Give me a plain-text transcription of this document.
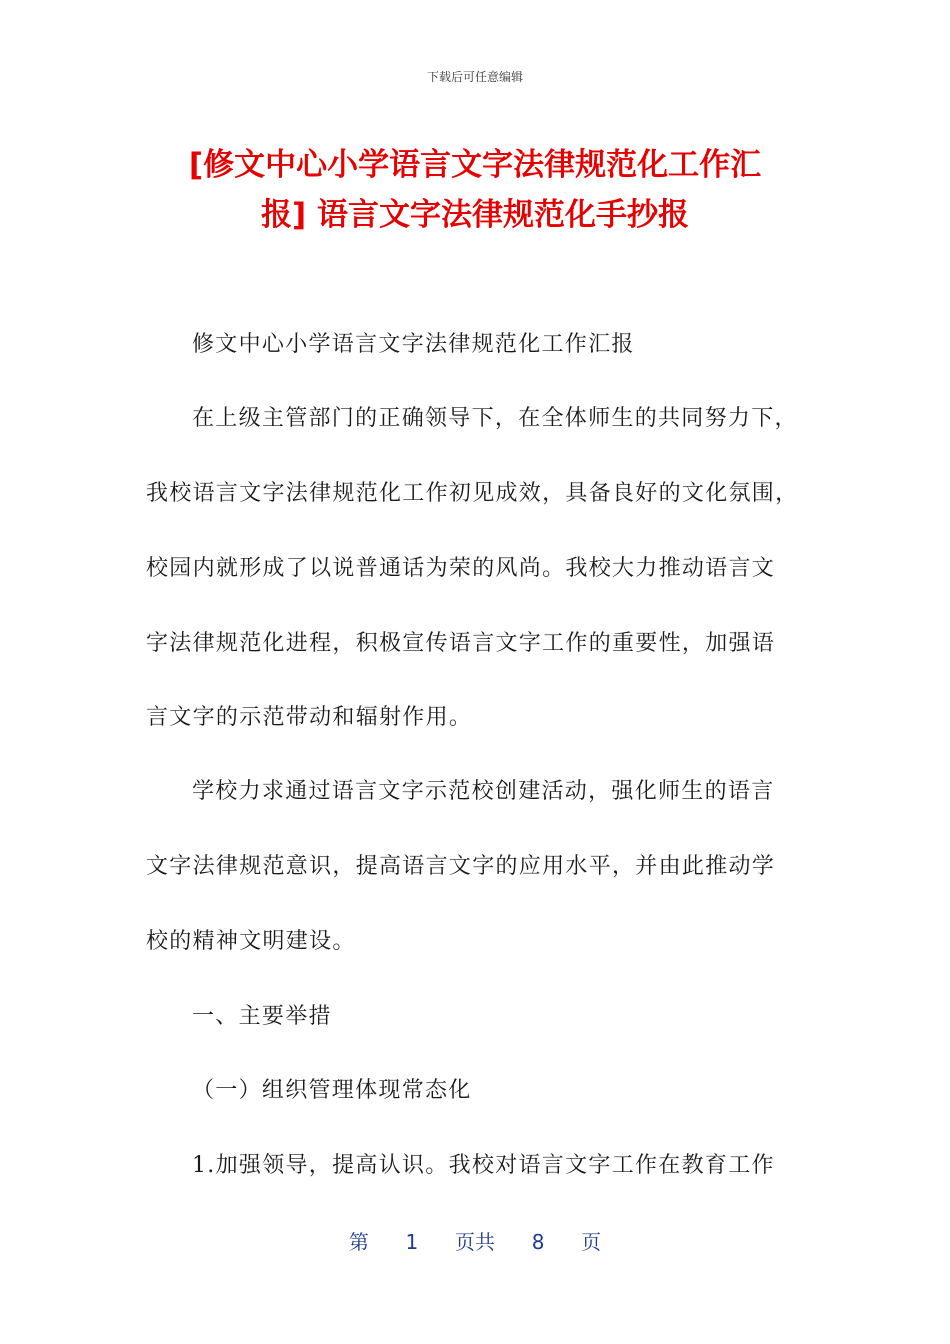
下载后可任意编辑
[修文中心小学语言文字法律规范化工作汇
报] 语言文字法律规范化手抄报
修文中心小学语言文字法律规范化工作汇报
在上级主管部门的正确领导下，在全体师生的共同努力下，
我校语言文字法律规范化工作初见成效，具备良好的文化氛围，
校园内就形成了以说普通话为荣的风尚。我校大力推动语言文
字法律规范化进程，积极宣传语言文字工作的重要性，加强语
言文字的示范带动和辐射作用。
学校力求通过语言文字示范校创建活动，强化师生的语言
文字法律规范意识，提高语言文字的应用水平，并由此推动学
校的精神文明建设。
一、主要举措
（一）组织管理体现常态化
1.加强领导，提高认识。我校对语言文字工作在教育工作
第 1 页共 8 页
